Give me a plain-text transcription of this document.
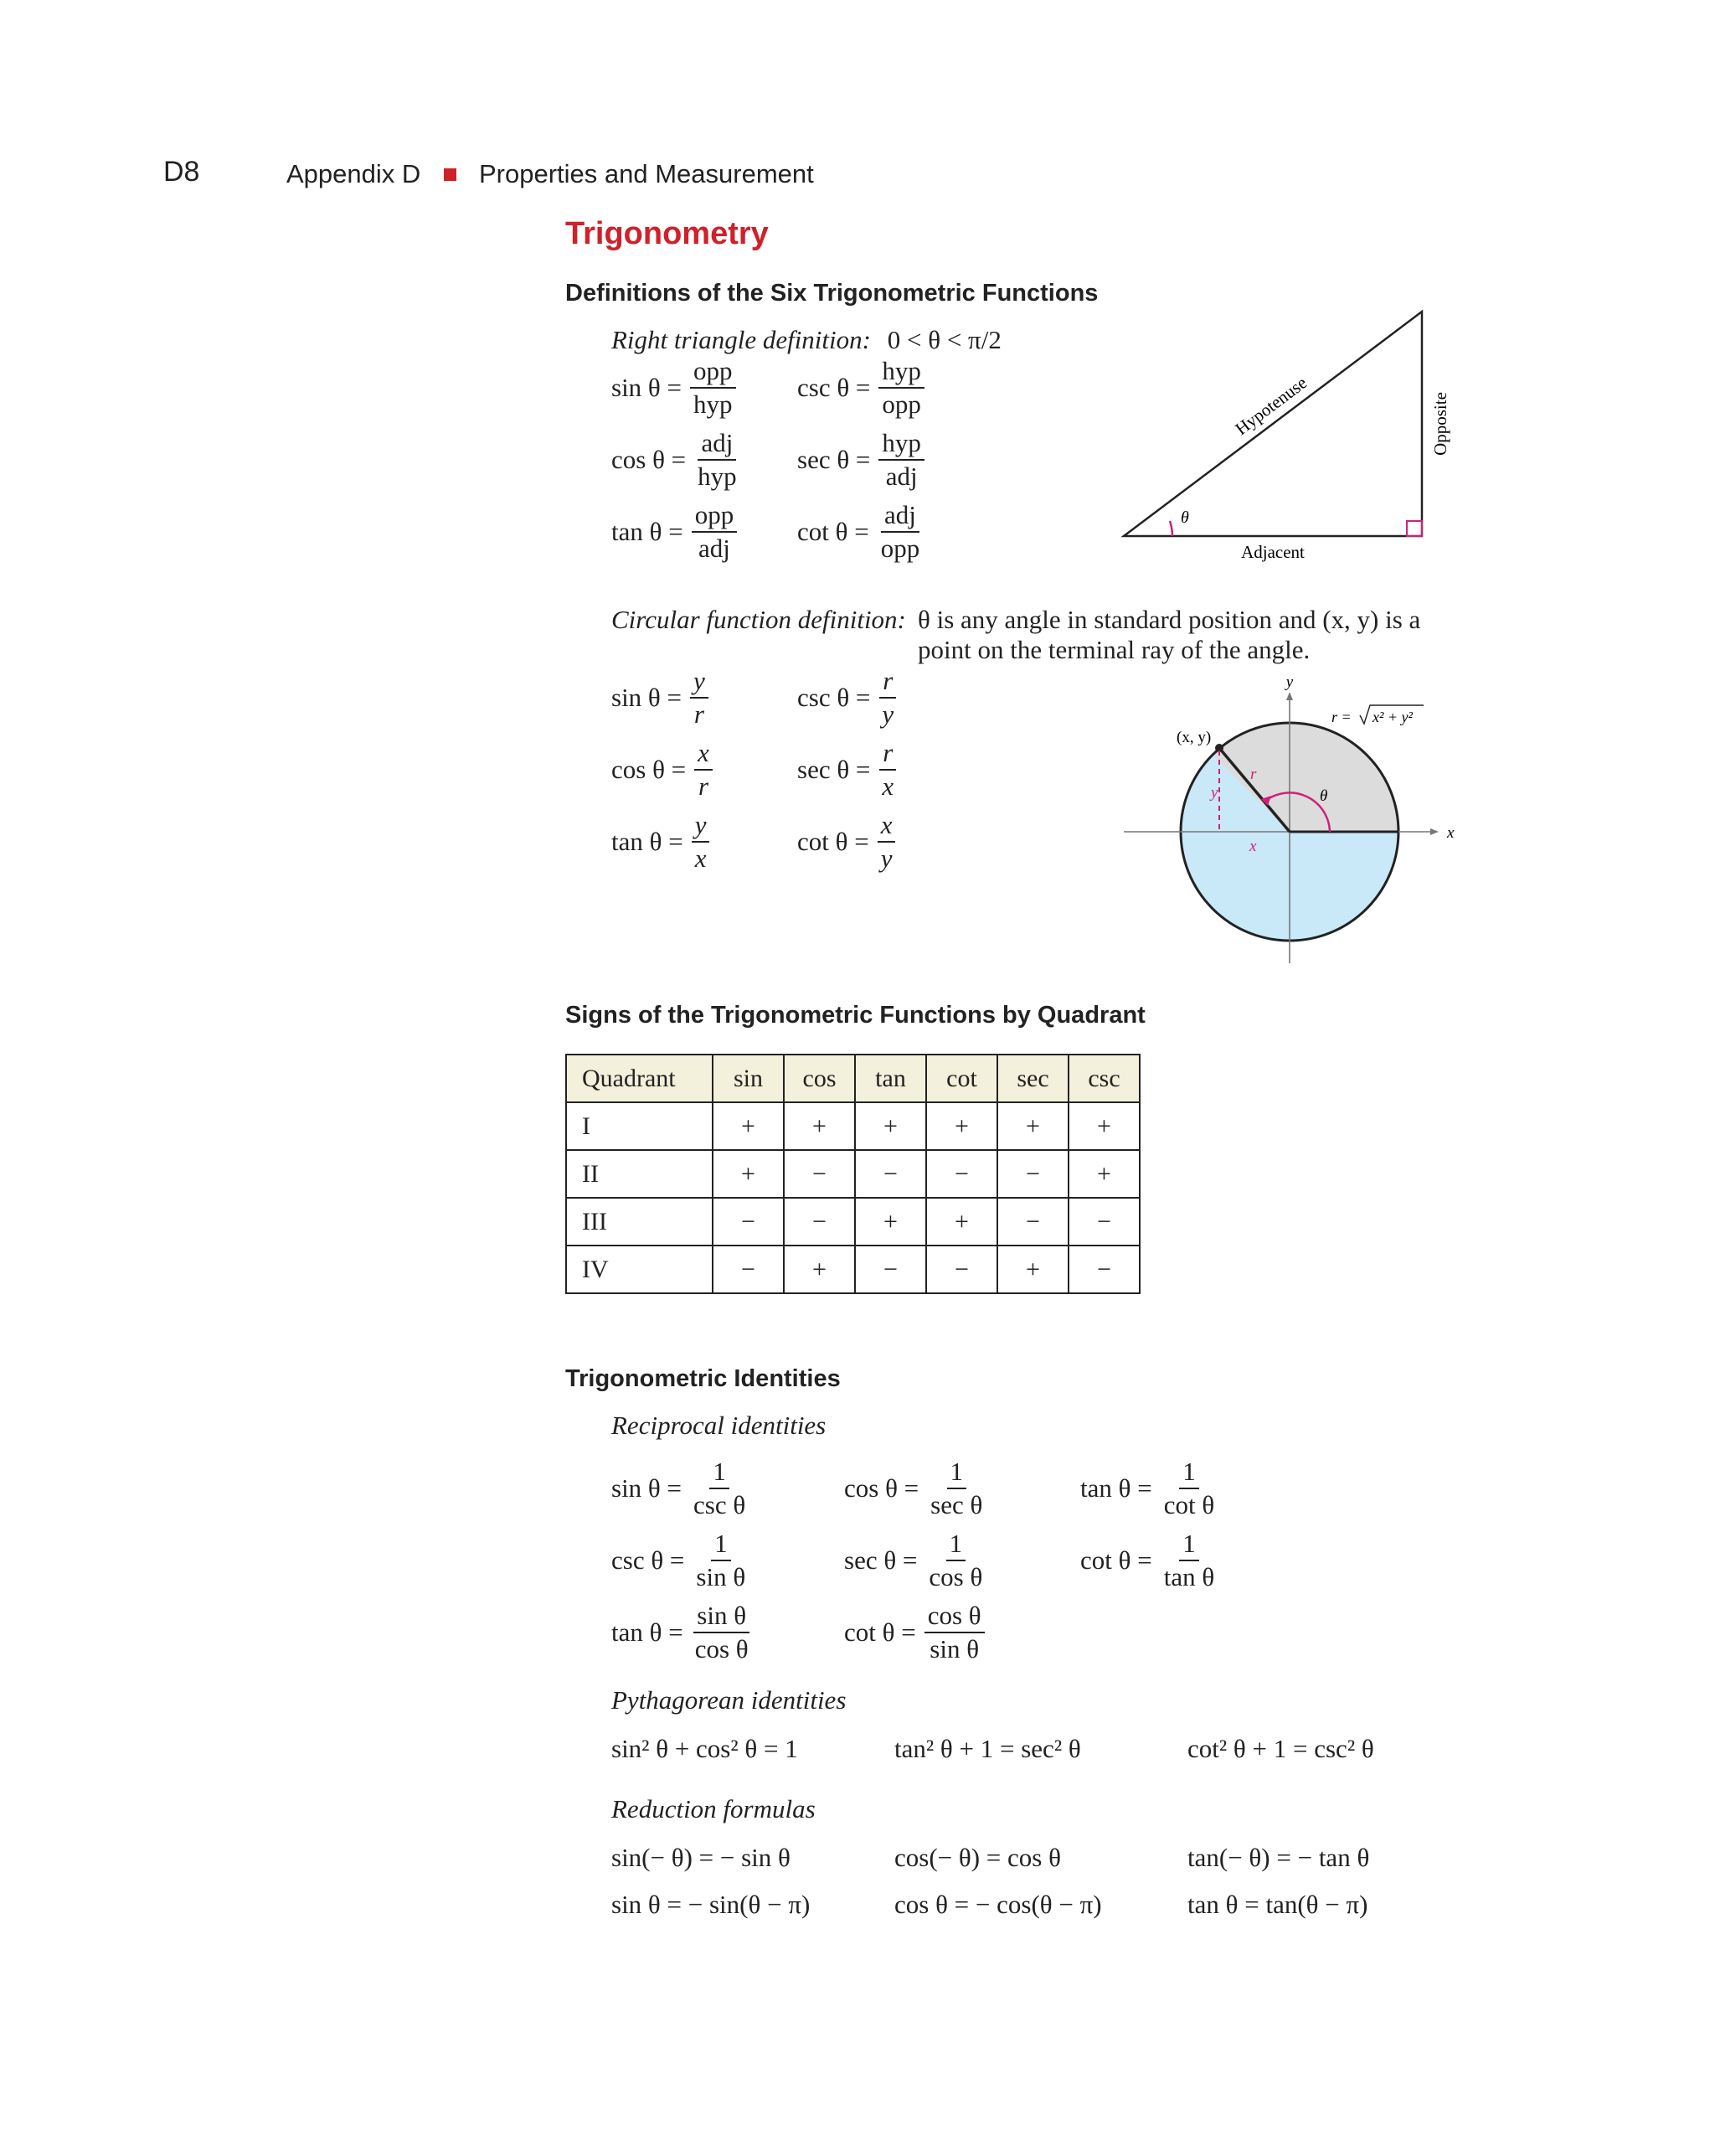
D8	Appendix D Properties and Measurement
Trigonometry
Definitions of the Six Trigonometric Functions
Right triangle definition: 0 < θ < π/2
$\sin \theta = \frac{\text{opp}}{\text{hyp}}$ $\csc \theta = \frac{\text{hyp}}{\text{opp}}$
$\cos \theta = \frac{\text{adj}}{\text{hyp}}$ $\sec \theta = \frac{\text{hyp}}{\text{adj}}$
$\tan \theta = \frac{\text{opp}}{\text{adj}}$ $\cot \theta = \frac{\text{adj}}{\text{opp}}$	θ
Hypotenuse
Adjacent
Opposite
Circular function definition: θ is any angle in standard position and (x, y) is a
point on the terminal ray of the angle.
$\sin \theta = \frac{y}{r}$	$\csc \theta = \frac{r}{y}$
$\cos \theta = \frac{x}{r}$	$\sec \theta = \frac{r}{x}$
$\tan \theta = \frac{y}{x}$	$\cot \theta = \frac{x}{y}$
y
x
(x, y)
r
y
x
θ
r = x² + y²
Signs of the Trigonometric Functions by Quadrant
Quadrant	sin	cos	tan	cot	sec	csc
I	+	+	+	+	+	+
II	+	−	−	−	−	+
III	−	−	+	+	−	−
IV	−	+	−	−	+	−
Trigonometric Identities
Reciprocal identities
$\sin \theta = \frac{1}{\text{csc θ}}$	$\cos \theta = \frac{1}{\text{sec θ}}$	$\tan \theta = \frac{1}{\text{cot θ}}$
$\csc \theta = \frac{1}{\text{sin θ}}$	$\sec \theta = \frac{1}{\text{cos θ}}$	$\cot \theta = \frac{1}{\text{tan θ}}$
$\tan \theta = \frac{\text{sin θ}}{\text{cos θ}}$	$\cot \theta = \frac{\text{cos θ}}{\text{sin θ}}$
Pythagorean identities
sin² θ + cos² θ = 1	tan² θ + 1 = sec² θ	cot² θ + 1 = csc² θ
Reduction formulas
sin(− θ) = − sin θ	cos(− θ) = cos θ	tan(− θ) = − tan θ
sin θ = − sin(θ − π)	cos θ = − cos(θ − π)	tan θ = tan(θ − π)
